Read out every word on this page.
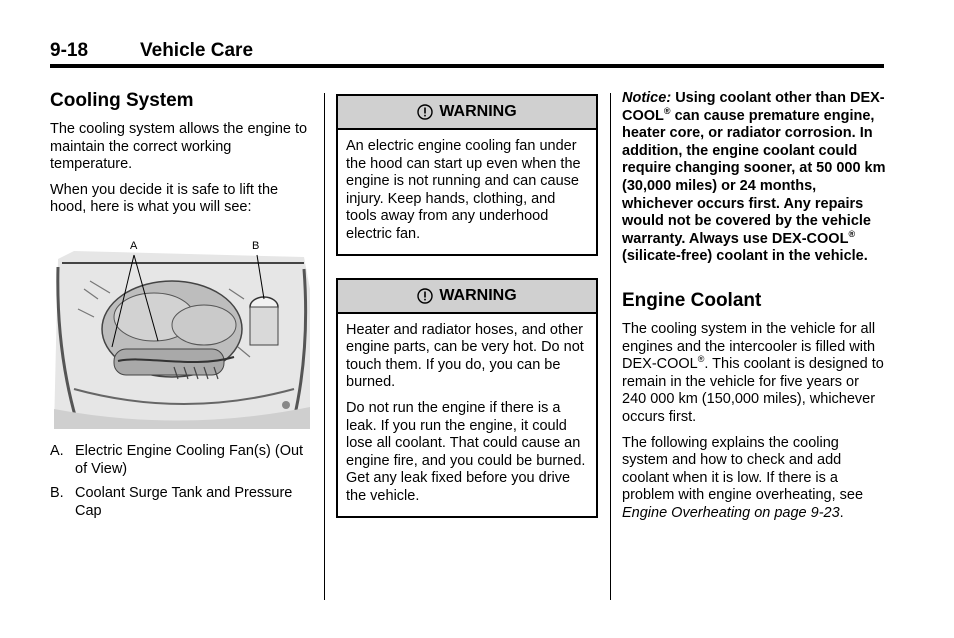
9-18	Vehicle Care
Cooling System

The cooling system allows the engine to maintain the correct working temperature.

When you decide it is safe to lift the hood, here is what you will see:

A	B
A. Electric Engine Cooling Fan(s) (Out of View)
B. Coolant Surge Tank and Pressure Cap
WARNING

An electric engine cooling fan under the hood can start up even when the engine is not running and can cause injury. Keep hands, clothing, and tools away from any underhood electric fan.

WARNING

Heater and radiator hoses, and other engine parts, can be very hot. Do not touch them. If you do, you can be burned.

Do not run the engine if there is a leak. If you run the engine, it could lose all coolant. That could cause an engine fire, and you could be burned. Get any leak fixed before you drive the vehicle.

Notice: Using coolant other than DEX-COOL® can cause premature engine, heater core, or radiator corrosion. In addition, the engine coolant could require changing sooner, at 50 000 km (30,000 miles) or 24 months, whichever occurs first. Any repairs would not be covered by the vehicle warranty. Always use DEX-COOL® (silicate-free) coolant in the vehicle.

Engine Coolant

The cooling system in the vehicle for all engines and the intercooler is filled with DEX-COOL®. This coolant is designed to remain in the vehicle for five years or 240 000 km (150,000 miles), whichever occurs first.

The following explains the cooling system and how to check and add coolant when it is low. If there is a problem with engine overheating, see Engine Overheating on page 9‑23.
